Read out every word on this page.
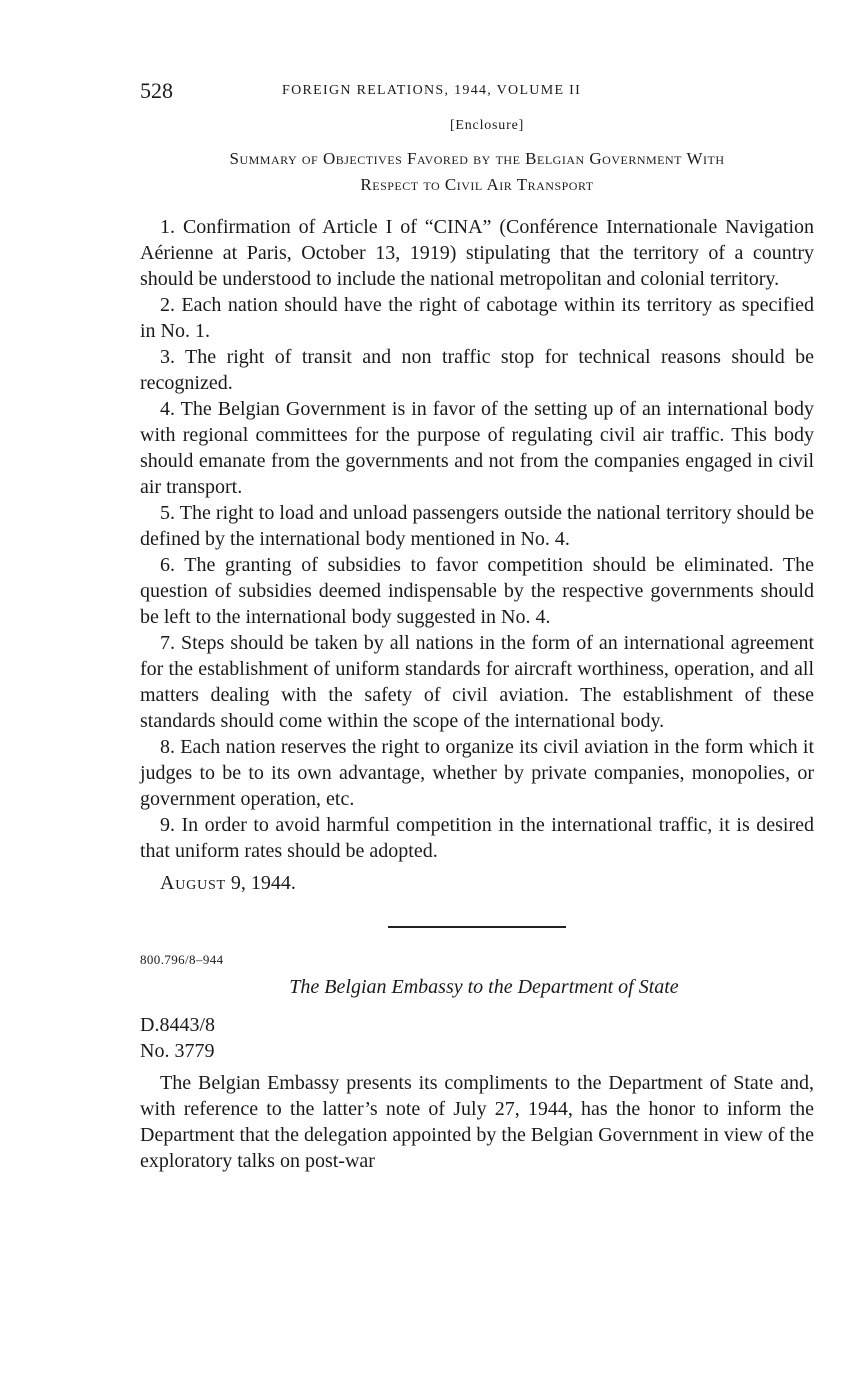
528	FOREIGN RELATIONS, 1944, VOLUME II
[Enclosure]
Summary of Objectives Favored by the Belgian Government With
Respect to Civil Air Transport

1. Confirmation of Article I of “CINA” (Conférence Internationale Navigation Aérienne at Paris, October 13, 1919) stipulating that the territory of a country should be understood to include the national metropolitan and colonial territory.

2. Each nation should have the right of cabotage within its territory as specified in No. 1.

3. The right of transit and non traffic stop for technical reasons should be recognized.

4. The Belgian Government is in favor of the setting up of an international body with regional committees for the purpose of regulating civil air traffic. This body should emanate from the governments and not from the companies engaged in civil air transport.

5. The right to load and unload passengers outside the national territory should be defined by the international body mentioned in No. 4.

6. The granting of subsidies to favor competition should be eliminated. The question of subsidies deemed indispensable by the respective governments should be left to the international body suggested in No. 4.

7. Steps should be taken by all nations in the form of an international agreement for the establishment of uniform standards for aircraft worthiness, operation, and all matters dealing with the safety of civil aviation. The establishment of these standards should come within the scope of the international body.

8. Each nation reserves the right to organize its civil aviation in the form which it judges to be to its own advantage, whether by private companies, monopolies, or government operation, etc.

9. In order to avoid harmful competition in the international traffic, it is desired that uniform rates should be adopted.

August 9, 1944.
800.796/8–944
The Belgian Embassy to the Department of State
D.8443/8
No. 3779
The Belgian Embassy presents its compliments to the Department of State and, with reference to the latter’s note of July 27, 1944, has the honor to inform the Department that the delegation appointed by the Belgian Government in view of the exploratory talks on post-war
